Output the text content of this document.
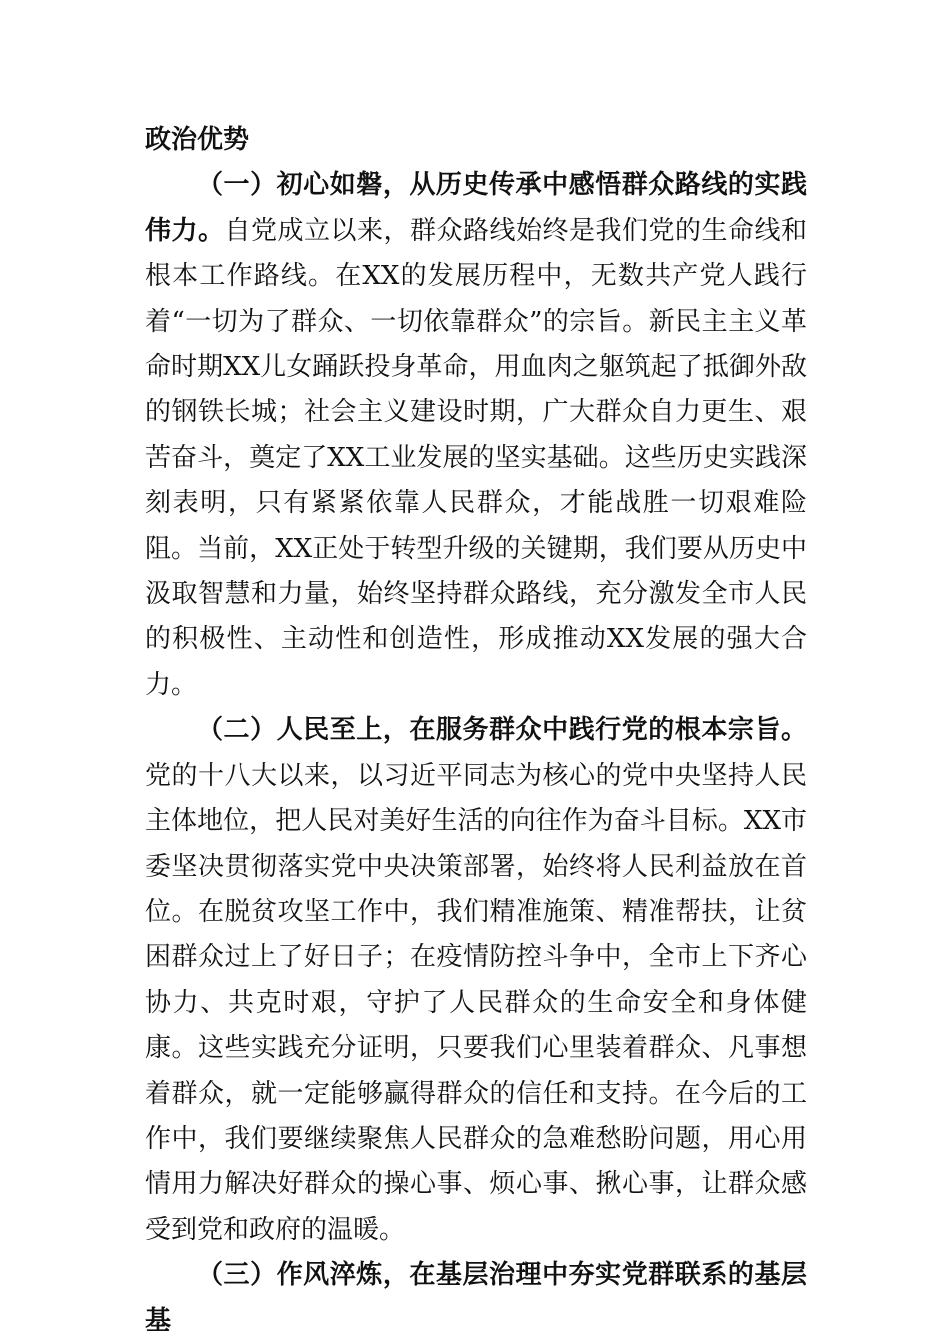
政治优势

（一）初心如磐，从历史传承中感悟群众路线的实践伟力。自党成立以来，群众路线始终是我们党的生命线和根本工作路线。在XX的发展历程中，无数共产党人践行着“一切为了群众、一切依靠群众”的宗旨。新民主主义革命时期XX儿女踊跃投身革命，用血肉之躯筑起了抵御外敌的钢铁长城；社会主义建设时期，广大群众自力更生、艰苦奋斗，奠定了XX工业发展的坚实基础。这些历史实践深刻表明，只有紧紧依靠人民群众，才能战胜一切艰难险阻。当前，XX正处于转型升级的关键期，我们要从历史中汲取智慧和力量，始终坚持群众路线，充分激发全市人民的积极性、主动性和创造性，形成推动XX发展的强大合力。

（二）人民至上，在服务群众中践行党的根本宗旨。党的十八大以来，以习近平同志为核心的党中央坚持人民主体地位，把人民对美好生活的向往作为奋斗目标。XX市委坚决贯彻落实党中央决策部署，始终将人民利益放在首位。在脱贫攻坚工作中，我们精准施策、精准帮扶，让贫困群众过上了好日子；在疫情防控斗争中，全市上下齐心协力、共克时艰，守护了人民群众的生命安全和身体健康。这些实践充分证明，只要我们心里装着群众、凡事想着群众，就一定能够赢得群众的信任和支持。在今后的工作中，我们要继续聚焦人民群众的急难愁盼问题，用心用情用力解决好群众的操心事、烦心事、揪心事，让群众感受到党和政府的温暖。

（三）作风淬炼，在基层治理中夯实党群联系的基层基
